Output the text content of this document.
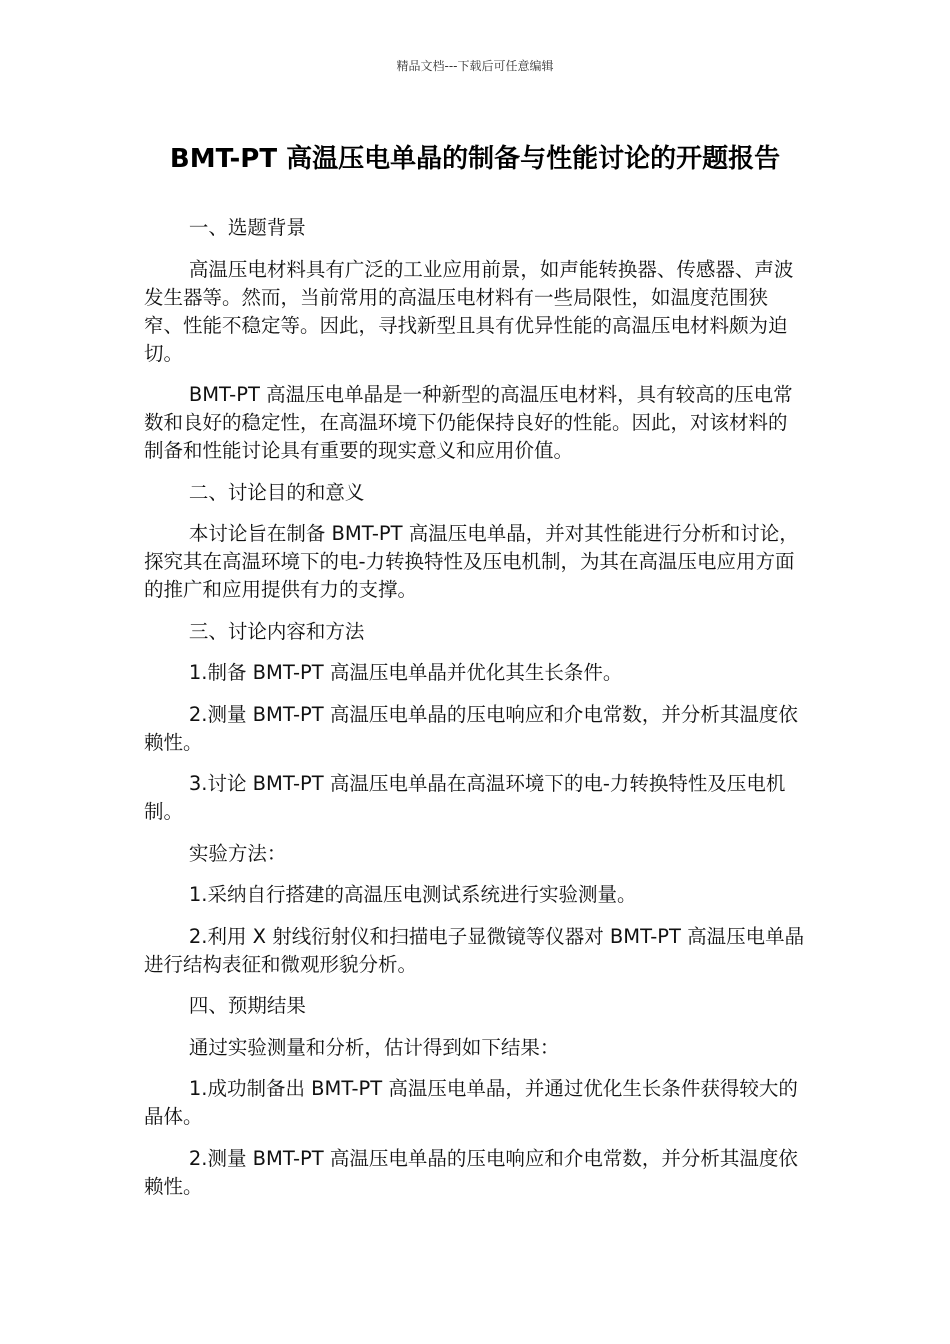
精品文档---下载后可任意编辑
BMT-PT 高温压电单晶的制备与性能讨论的开题报告

一、选题背景

高温压电材料具有广泛的工业应用前景，如声能转换器、传感器、声波发生器等。然而，当前常用的高温压电材料有一些局限性，如温度范围狭窄、性能不稳定等。因此，寻找新型且具有优异性能的高温压电材料颇为迫切。

BMT-PT 高温压电单晶是一种新型的高温压电材料，具有较高的压电常数和良好的稳定性，在高温环境下仍能保持良好的性能。因此，对该材料的制备和性能讨论具有重要的现实意义和应用价值。

二、讨论目的和意义

本讨论旨在制备 BMT-PT 高温压电单晶，并对其性能进行分析和讨论，探究其在高温环境下的电-力转换特性及压电机制，为其在高温压电应用方面的推广和应用提供有力的支撑。

三、讨论内容和方法

1.制备 BMT-PT 高温压电单晶并优化其生长条件。

2.测量 BMT-PT 高温压电单晶的压电响应和介电常数，并分析其温度依赖性。

3.讨论 BMT-PT 高温压电单晶在高温环境下的电-力转换特性及压电机制。

实验方法：

1.采纳自行搭建的高温压电测试系统进行实验测量。

2.利用 X 射线衍射仪和扫描电子显微镜等仪器对 BMT-PT 高温压电单晶进行结构表征和微观形貌分析。

四、预期结果

通过实验测量和分析，估计得到如下结果：

1.成功制备出 BMT-PT 高温压电单晶，并通过优化生长条件获得较大的晶体。

2.测量 BMT-PT 高温压电单晶的压电响应和介电常数，并分析其温度依赖性。
